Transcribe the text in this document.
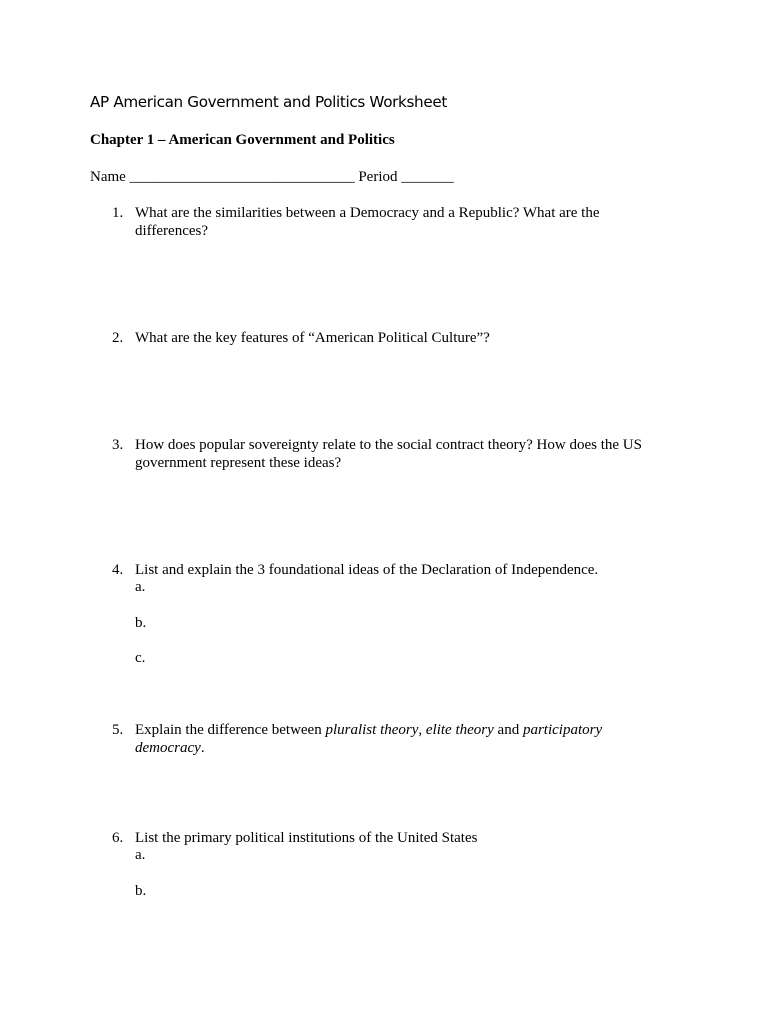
AP American Government and Politics Worksheet
Chapter 1 – American Government and Politics
Name ______________________________ Period _______
1. What are the similarities between a Democracy and a Republic? What are the
differences?
2. What are the key features of “American Political Culture”?
3. How does popular sovereignty relate to the social contract theory? How does the US
government represent these ideas?
4. List and explain the 3 foundational ideas of the Declaration of Independence.
a.
b.
c.
5. Explain the difference between pluralist theory, elite theory and participatory
democracy.
6. List the primary political institutions of the United States
a.
b.
